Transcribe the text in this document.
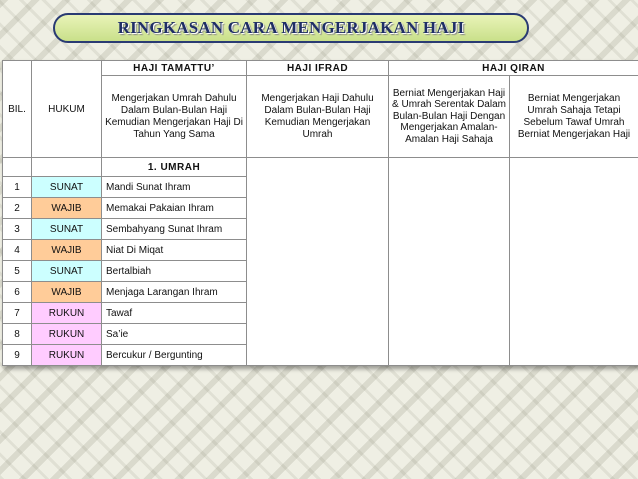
RINGKASAN CARA MENGERJAKAN HAJI
BIL.	HUKUM	HAJI TAMATTU’	HAJI IFRAD	HAJI QIRAN	
		Mengerjakan Umrah Dahulu Dalam Bulan-Bulan Haji Kemudian Mengerjakan Haji Di Tahun Yang Sama	Mengerjakan Haji Dahulu Dalam Bulan-Bulan Haji Kemudian Mengerjakan Umrah	Berniat Mengerjakan Haji & Umrah Serentak Dalam Bulan-Bulan Haji Dengan Mengerjakan Amalan-Amalan Haji Sahaja	Berniat Mengerjakan Umrah Sahaja Tetapi Sebelum Tawaf Umrah Berniat Mengerjakan Haji
		1. UMRAH			
1	SUNAT	Mandi Sunat Ihram			
2	WAJIB	Memakai Pakaian Ihram			
3	SUNAT	Sembahyang Sunat Ihram			
4	WAJIB	Niat Di Miqat			
5	SUNAT	Bertalbiah			
6	WAJIB	Menjaga Larangan Ihram			
7	RUKUN	Tawaf			
8	RUKUN	Sa’ie			
9	RUKUN	Bercukur / Bergunting			
